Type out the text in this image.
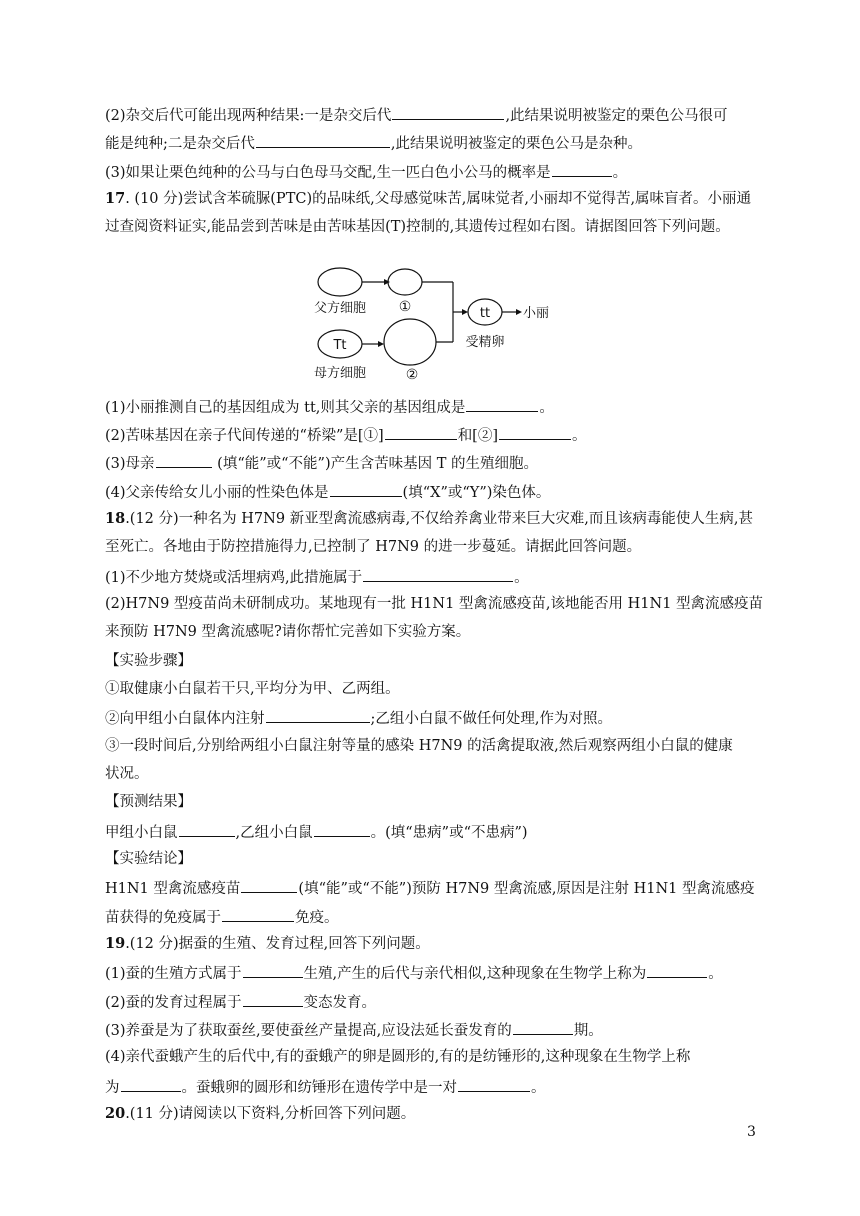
(2)杂交后代可能出现两种结果:一是杂交后代	,此结果说明被鉴定的栗色公马很可
能是纯种;二是杂交后代	,此结果说明被鉴定的栗色公马是杂种。
(3)如果让栗色纯种的公马与白色母马交配,生一匹白色小公马的概率是	。
17. (10 分)尝试含苯硫脲(PTC)的品味纸,父母感觉味苦,属味觉者,小丽却不觉得苦,属味盲者。小丽通
过查阅资料证实,能品尝到苦味是由苦味基因(T)控制的,其遗传过程如右图。请据图回答下列问题。
父方细胞 ①
Tt
母方细胞	②
tt	小丽
受精卵
(1)小丽推测自己的基因组成为 tt,则其父亲的基因组成是	。
(2)苦味基因在亲子代间传递的“桥梁”是[①]	和[②]	。
(3)母亲	(填“能”或“不能”)产生含苦味基因 T 的生殖细胞。
(4)父亲传给女儿小丽的性染色体是	(填“X”或“Y”)染色体。
18.(12 分)一种名为 H7N9 新亚型禽流感病毒,不仅给养禽业带来巨大灾难,而且该病毒能使人生病,甚
至死亡。各地由于防控措施得力,已控制了 H7N9 的进一步蔓延。请据此回答问题。
(1)不少地方焚烧或活埋病鸡,此措施属于	。
(2)H7N9 型疫苗尚未研制成功。某地现有一批 H1N1 型禽流感疫苗,该地能否用 H1N1 型禽流感疫苗
来预防 H7N9 型禽流感呢?请你帮忙完善如下实验方案。
【实验步骤】
①取健康小白鼠若干只,平均分为甲、乙两组。
②向甲组小白鼠体内注射	;乙组小白鼠不做任何处理,作为对照。
③一段时间后,分别给两组小白鼠注射等量的感染 H7N9 的活禽提取液,然后观察两组小白鼠的健康
状况。
【预测结果】
甲组小白鼠	,乙组小白鼠	。(填“患病”或“不患病”)
【实验结论】
H1N1 型禽流感疫苗	(填“能”或“不能”)预防 H7N9 型禽流感,原因是注射 H1N1 型禽流感疫
苗获得的免疫属于	免疫。
19.(12 分)据蚕的生殖、发育过程,回答下列问题。
(1)蚕的生殖方式属于	生殖,产生的后代与亲代相似,这种现象在生物学上称为	。
(2)蚕的发育过程属于	变态发育。
(3)养蚕是为了获取蚕丝,要使蚕丝产量提高,应设法延长蚕发育的	期。
(4)亲代蚕蛾产生的后代中,有的蚕蛾产的卵是圆形的,有的是纺锤形的,这种现象在生物学上称
为	。蚕蛾卵的圆形和纺锤形在遗传学中是一对	。
20.(11 分)请阅读以下资料,分析回答下列问题。
3
